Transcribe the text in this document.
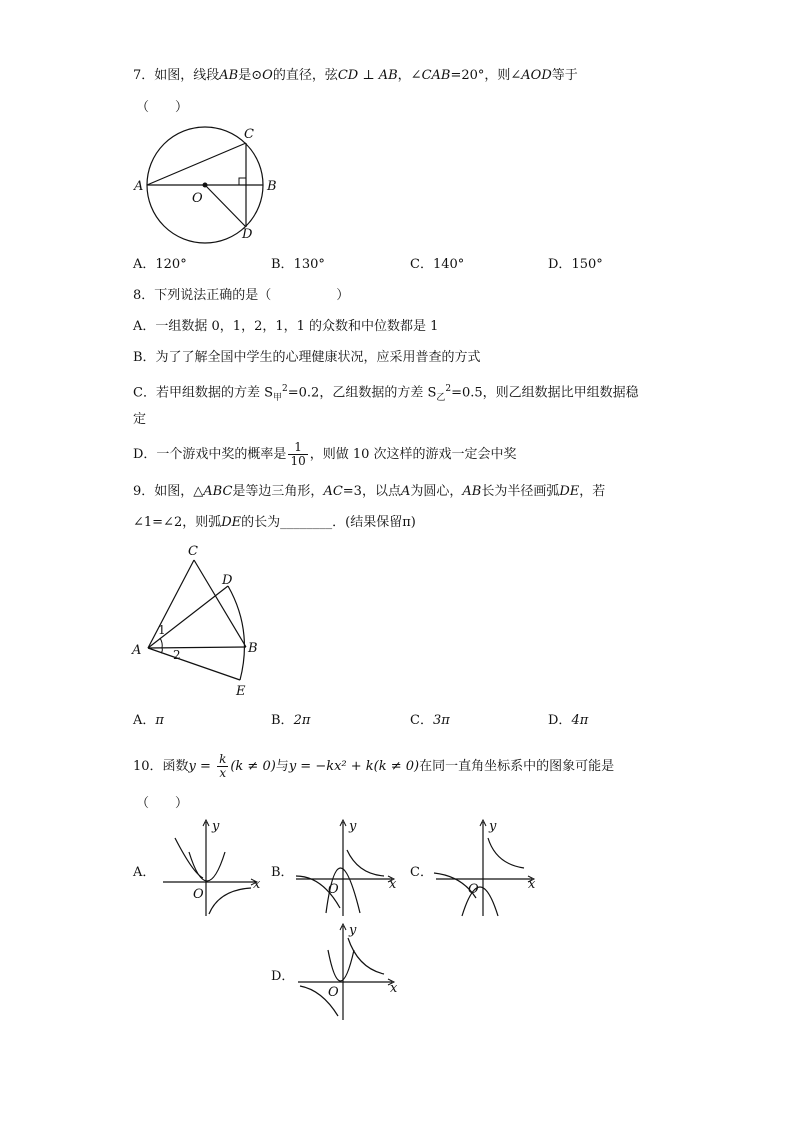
7．如图，线段AB是⊙O的直径，弦CD ⊥ AB，∠CAB=20°，则∠AOD等于
（　　）
A	B
C
D
O
A．120°	B．130°	C．140°	D．150°
8．下列说法正确的是（　　　　　）
A．一组数据 0，1，2，1，1 的众数和中位数都是 1
B．为了了解全国中学生的心理健康状况，应采用普查的方式
C．若甲组数据的方差 $S_甲^2=0.2$，乙组数据的方差 $S_乙^2=0.5$，则乙组数据比甲组数据稳
定
D．一个游戏中奖的概率是 $\frac{1}{10}$ ，则做 10 次这样的游戏一定会中奖
9．如图，△ABC是等边三角形，AC=3，以点A为圆心，AB长为半径画弧DE，若
∠1=∠2，则弧DE的长为________．(结果保留π)
C
D
A	B
E
1
2
A．π	B．2π	C．3π	D．4π
10．函数$y = \frac{k}{x} (k \ne 0)$与y = −kx² + k(k ≠ 0)在同一直角坐标系中的图象可能是
（　　）
A．
y
x
O
B．
y
x
O
C．
y
x
O
D．
y
x
O
